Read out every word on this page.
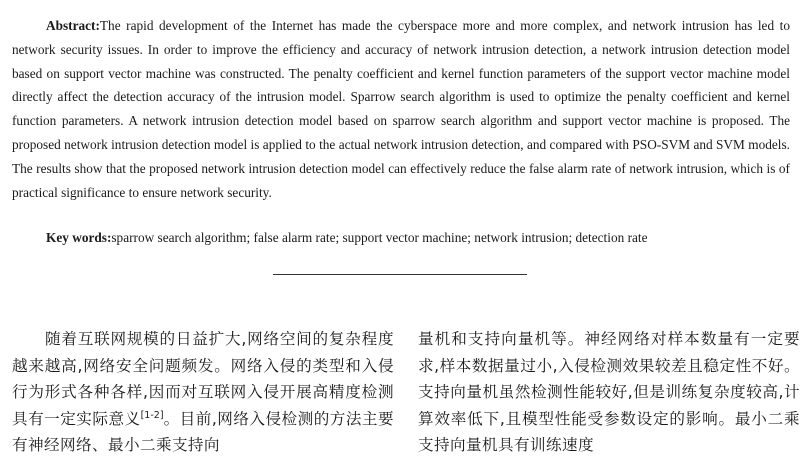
Abstract:The rapid development of the Internet has made the cyberspace more and more complex, and network intrusion has led to network security issues. In order to improve the efficiency and accuracy of network intrusion detection, a network intrusion detection model based on support vector machine was constructed. The penalty coefficient and kernel function parameters of the support vector machine model directly affect the detection accuracy of the intrusion model. Sparrow search algorithm is used to optimize the penalty coefficient and kernel function parameters. A network intrusion detection model based on sparrow search algorithm and support vector machine is proposed. The proposed network intrusion detection model is applied to the actual network intrusion detection, and compared with PSO-SVM and SVM models. The results show that the proposed network intrusion detection model can effectively reduce the false alarm rate of network intrusion, which is of practical significance to ensure network security.

Key words:sparrow search algorithm; false alarm rate; support vector machine; network intrusion; detection rate

随着互联网规模的日益扩大,网络空间的复杂程度越来越高,网络安全问题频发。网络入侵的类型和入侵行为形式各种各样,因而对互联网入侵开展高精度检测具有一定实际意义[1-2]。目前,网络入侵检测的方法主要有神经网络、最小二乘支持向

量机和支持向量机等。神经网络对样本数量有一定要求,样本数据量过小,入侵检测效果较差且稳定性不好。支持向量机虽然检测性能较好,但是训练复杂度较高,计算效率低下,且模型性能受参数设定的影响。最小二乘支持向量机具有训练速度
